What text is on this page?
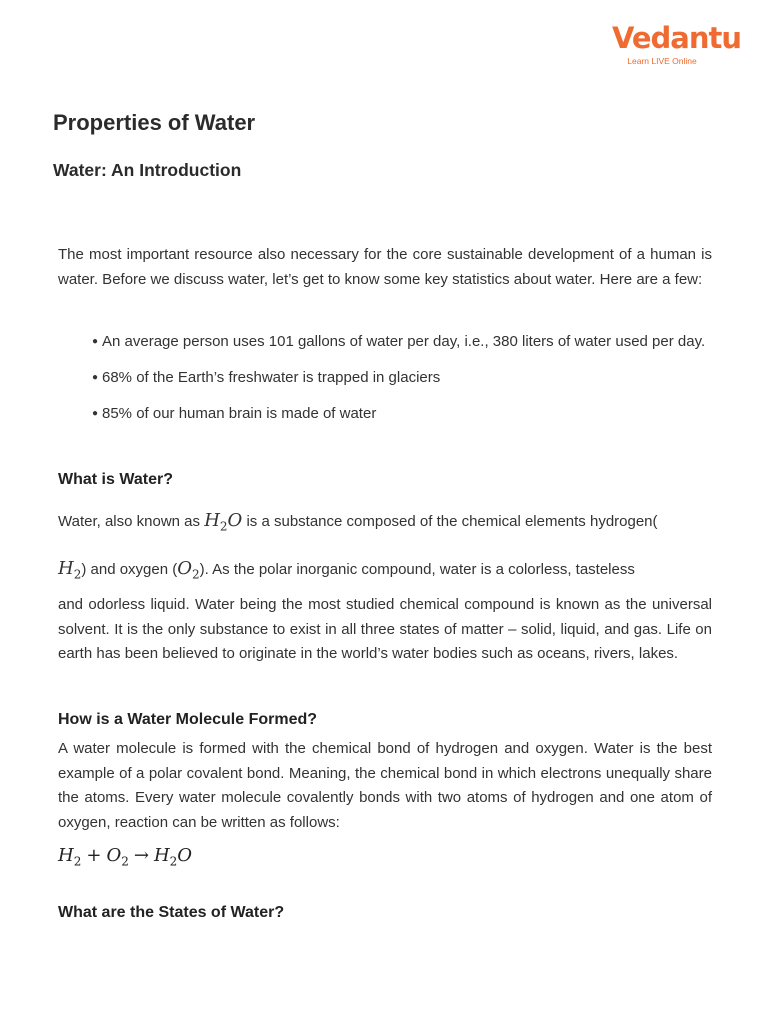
Vedantu
Learn LIVE Online
Properties of Water
Water: An Introduction

The most important resource also necessary for the core sustainable development of a human is water. Before we discuss water, let’s get to know some key statistics about water. Here are a few:

● An average person uses 101 gallons of water per day, i.e., 380 liters of water used per day.
● 68% of the Earth’s freshwater is trapped in glaciers
● 85% of our human brain is made of water
What is Water?

Water, also known as $H_2O$ is a substance composed of the chemical elements hydrogen(

$H_2$) and oxygen $(O_2)$. As the polar inorganic compound, water is a colorless, tasteless

and odorless liquid. Water being the most studied chemical compound is known as the universal solvent. It is the only substance to exist in all three states of matter – solid, liquid, and gas. Life on earth has been believed to originate in the world’s water bodies such as oceans, rivers, lakes.

How is a Water Molecule Formed?

A water molecule is formed with the chemical bond of hydrogen and oxygen. Water is the best example of a polar covalent bond. Meaning, the chemical bond in which electrons unequally share the atoms. Every water molecule covalently bonds with two atoms of hydrogen and one atom of oxygen, reaction can be written as follows:

$H_2 + O_2 \to H_2O$
What are the States of Water?
